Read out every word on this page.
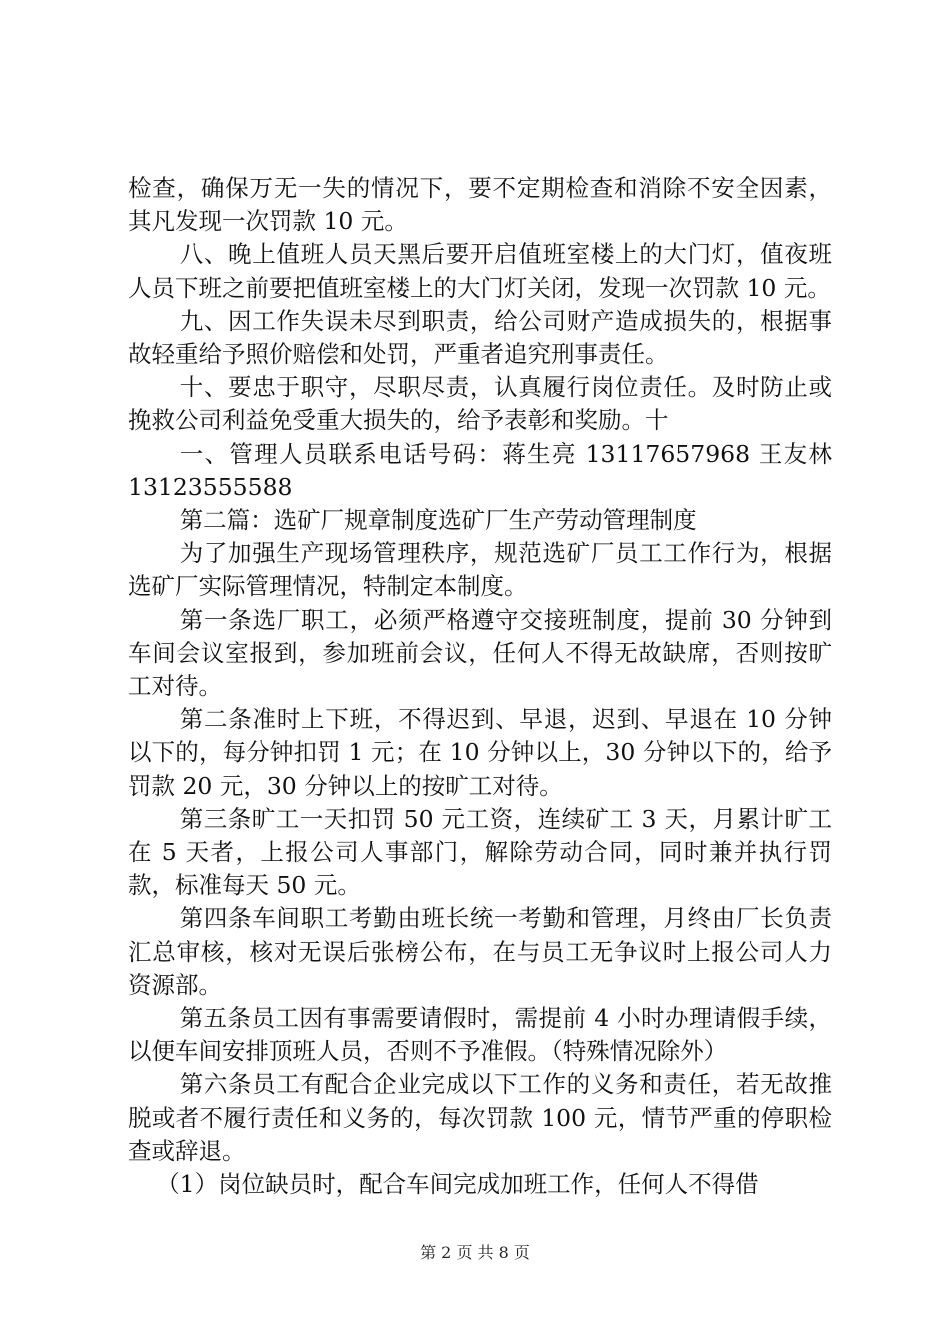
检查，确保万无一失的情况下，要不定期检查和消除不安全因素，其凡发现一次罚款 10 元。

八、晚上值班人员天黑后要开启值班室楼上的大门灯，值夜班人员下班之前要把值班室楼上的大门灯关闭，发现一次罚款 10 元。

九、因工作失误未尽到职责，给公司财产造成损失的，根据事故轻重给予照价赔偿和处罚，严重者追究刑事责任。

十、要忠于职守，尽职尽责，认真履行岗位责任。及时防止或挽救公司利益免受重大损失的，给予表彰和奖励。十

一、管理人员联系电话号码：蒋生亮 13117657968 王友林 13123555588

第二篇：选矿厂规章制度选矿厂生产劳动管理制度

为了加强生产现场管理秩序，规范选矿厂员工工作行为，根据选矿厂实际管理情况，特制定本制度。

第一条选厂职工，必须严格遵守交接班制度，提前 30 分钟到车间会议室报到，参加班前会议，任何人不得无故缺席，否则按旷工对待。

第二条准时上下班，不得迟到、早退，迟到、早退在 10 分钟以下的，每分钟扣罚 1 元；在 10 分钟以上，30 分钟以下的，给予罚款 20 元，30 分钟以上的按旷工对待。

第三条旷工一天扣罚 50 元工资，连续矿工 3 天，月累计旷工在 5 天者，上报公司人事部门，解除劳动合同，同时兼并执行罚款，标准每天 50 元。

第四条车间职工考勤由班长统一考勤和管理，月终由厂长负责汇总审核，核对无误后张榜公布，在与员工无争议时上报公司人力资源部。

第五条员工因有事需要请假时，需提前 4 小时办理请假手续，以便车间安排顶班人员，否则不予准假。（特殊情况除外）

第六条员工有配合企业完成以下工作的义务和责任，若无故推脱或者不履行责任和义务的，每次罚款 100 元，情节严重的停职检查或辞退。

（1）岗位缺员时，配合车间完成加班工作，任何人不得借

第 2 页 共 8 页
